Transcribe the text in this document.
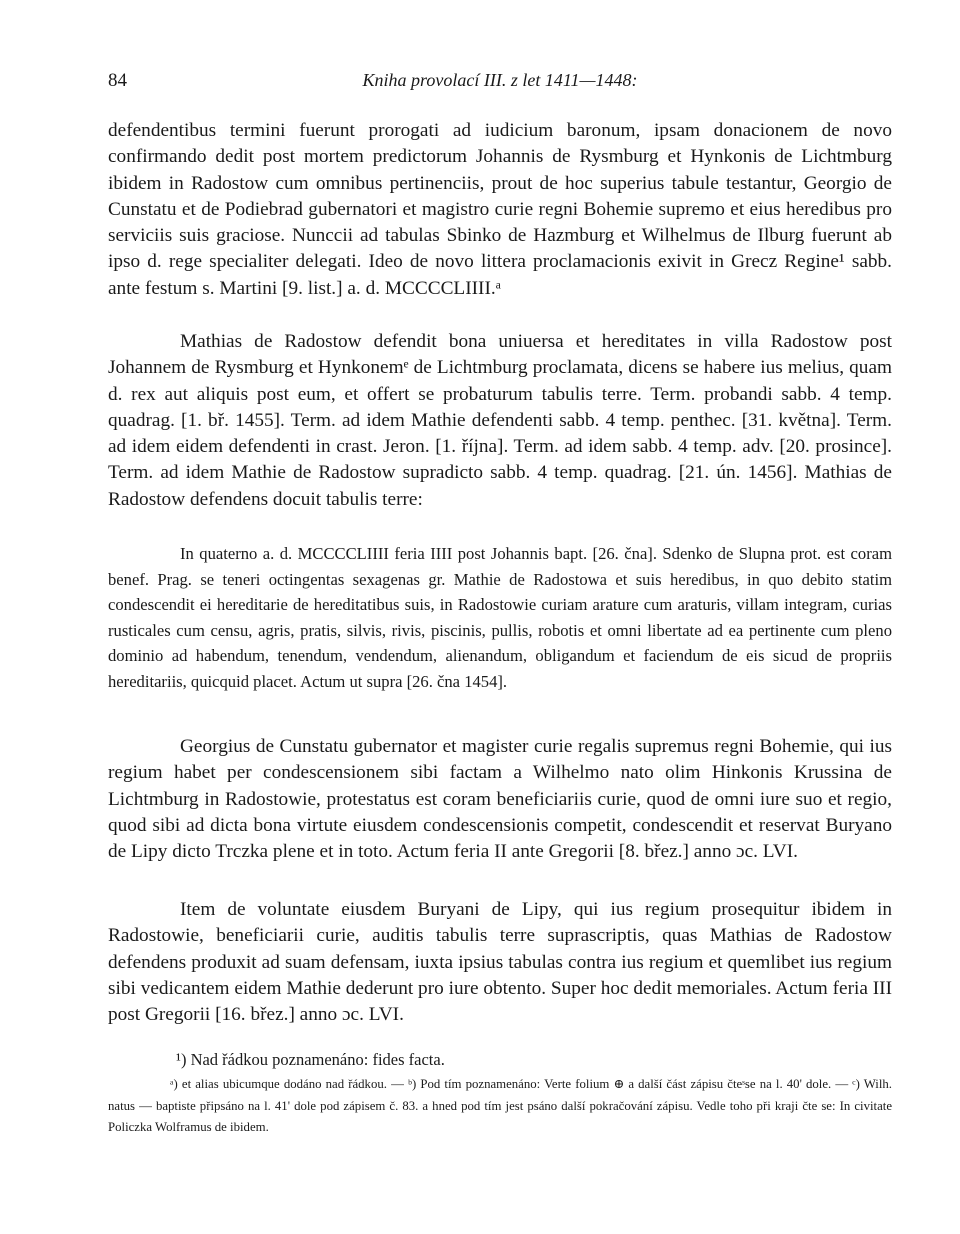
Kniha provolací III. z let 1411—1448:
84

defendentibus termini fuerunt prorogati ad iudicium baronum, ipsam donacionem de novo confirmando dedit post mortem predictorum Johannis de Rysmburg et Hynkonis de Lichtmburg ibidem in Radostow cum omnibus pertinenciis, prout de hoc superius tabule testantur, Georgio de Cunstatu et de Podiebrad gubernatori et magistro curie regni Bohemie supremo et eius heredibus pro serviciis suis graciose. Nunccii ad tabulas Sbinko de Hazmburg et Wilhelmus de Ilburg fuerunt ab ipso d. rege specialiter delegati. Ideo de novo littera proclamacionis exivit in Grecz Regine¹ sabb. ante festum s. Martini [9. list.] a. d. MCCCCLIIII.ᵃ

Mathias de Radostow defendit bona uniuersa et hereditates in villa Radostow post Johannem de Rysmburg et Hynkonemᵉ de Lichtmburg proclamata, dicens se habere ius melius, quam d. rex aut aliquis post eum, et offert se probaturum tabulis terre. Term. probandi sabb. 4 temp. quadrag. [1. bř. 1455]. Term. ad idem Mathie defendenti sabb. 4 temp. penthec. [31. května]. Term. ad idem eidem defendenti in crast. Jeron. [1. října]. Term. ad idem sabb. 4 temp. adv. [20. prosince]. Term. ad idem Mathie de Radostow supradicto sabb. 4 temp. quadrag. [21. ún. 1456]. Mathias de Radostow defendens docuit tabulis terre:

In quaterno a. d. MCCCCLIIII feria IIII post Johannis bapt. [26. čna]. Sdenko de Slupna prot. est coram benef. Prag. se teneri octingentas sexagenas gr. Mathie de Radostowa et suis heredibus, in quo debito statim condescendit ei hereditarie de hereditatibus suis, in Radostowie curiam arature cum araturis, villam integram, curias rusticales cum censu, agris, pratis, silvis, rivis, piscinis, pullis, robotis et omni libertate ad ea pertinente cum pleno dominio ad habendum, tenendum, vendendum, alienandum, obligandum et faciendum de eis sicud de propriis hereditariis, quicquid placet. Actum ut supra [26. čna 1454].

Georgius de Cunstatu gubernator et magister curie regalis supremus regni Bohemie, qui ius regium habet per condescensionem sibi factam a Wilhelmo nato olim Hinkonis Krussina de Lichtmburg in Radostowie, protestatus est coram beneficiariis curie, quod de omni iure suo et regio, quod sibi ad dicta bona virtute eiusdem condescensionis competit, condescendit et reservat Buryano de Lipy dicto Trczka plene et in toto. Actum feria II ante Gregorii [8. břez.] anno ɔc. LVI.

Item de voluntate eiusdem Buryani de Lipy, qui ius regium prosequitur ibidem in Radostowie, beneficiarii curie, auditis tabulis terre suprascriptis, quas Mathias de Radostow defendens produxit ad suam defensam, iuxta ipsius tabulas contra ius regium et quemlibet ius regium sibi vedicantem eidem Mathie dederunt pro iure obtento. Super hoc dedit memoriales. Actum feria III post Gregorii [16. břez.] anno ɔc. LVI.

¹) Nad řádkou poznamenáno: fides facta.

ᵃ) et alias ubicumque dodáno nad řádkou. — ᵇ) Pod tím poznamenáno: Verte folium ⊕ a další část zápisu čteˢse na l. 40' dole. — ᶜ) Wilh. natus — baptiste připsáno na l. 41' dole pod zápisem č. 83. a hned pod tím jest psáno další pokračování zápisu. Vedle toho při kraji čte se: In civitate Policzka Wolframus de ibidem.
